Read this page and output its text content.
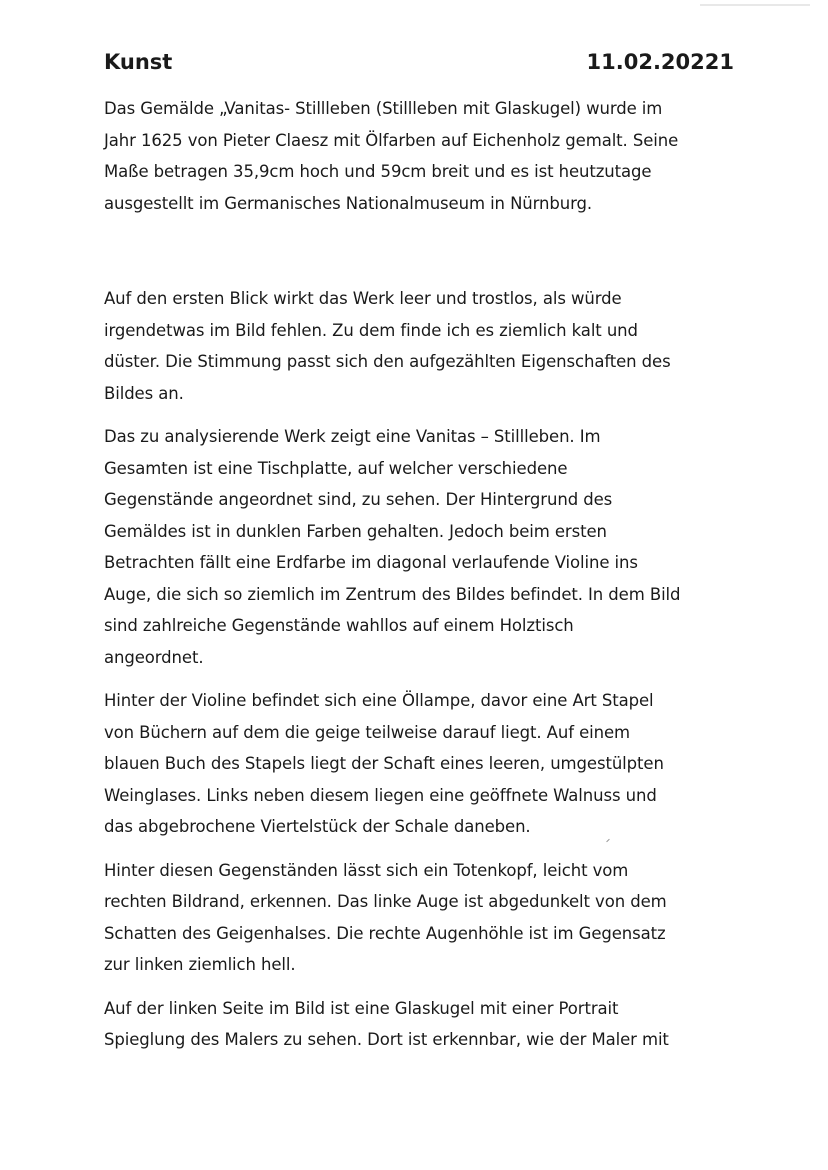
Kunst	11.02.20221

Das Gemälde „Vanitas- Stillleben (Stillleben mit Glaskugel) wurde im
Jahr 1625 von Pieter Claesz mit Ölfarben auf Eichenholz gemalt. Seine
Maße betragen 35,9cm hoch und 59cm breit und es ist heutzutage
ausgestellt im Germanisches Nationalmuseum in Nürnburg.

Auf den ersten Blick wirkt das Werk leer und trostlos, als würde
irgendetwas im Bild fehlen. Zu dem finde ich es ziemlich kalt und
düster. Die Stimmung passt sich den aufgezählten Eigenschaften des
Bildes an.

Das zu analysierende Werk zeigt eine Vanitas – Stillleben. Im
Gesamten ist eine Tischplatte, auf welcher verschiedene
Gegenstände angeordnet sind, zu sehen. Der Hintergrund des
Gemäldes ist in dunklen Farben gehalten. Jedoch beim ersten
Betrachten fällt eine Erdfarbe im diagonal verlaufende Violine ins
Auge, die sich so ziemlich im Zentrum des Bildes befindet. In dem Bild
sind zahlreiche Gegenstände wahllos auf einem Holztisch
angeordnet.

Hinter der Violine befindet sich eine Öllampe, davor eine Art Stapel
von Büchern auf dem die geige teilweise darauf liegt. Auf einem
blauen Buch des Stapels liegt der Schaft eines leeren, umgestülpten
Weinglases. Links neben diesem liegen eine geöffnete Walnuss und
das abgebrochene Viertelstück der Schale daneben.

Hinter diesen Gegenständen lässt sich ein Totenkopf, leicht vom
rechten Bildrand, erkennen. Das linke Auge ist abgedunkelt von dem
Schatten des Geigenhalses. Die rechte Augenhöhle ist im Gegensatz
zur linken ziemlich hell.

Auf der linken Seite im Bild ist eine Glaskugel mit einer Portrait
Spieglung des Malers zu sehen. Dort ist erkennbar, wie der Maler mit
